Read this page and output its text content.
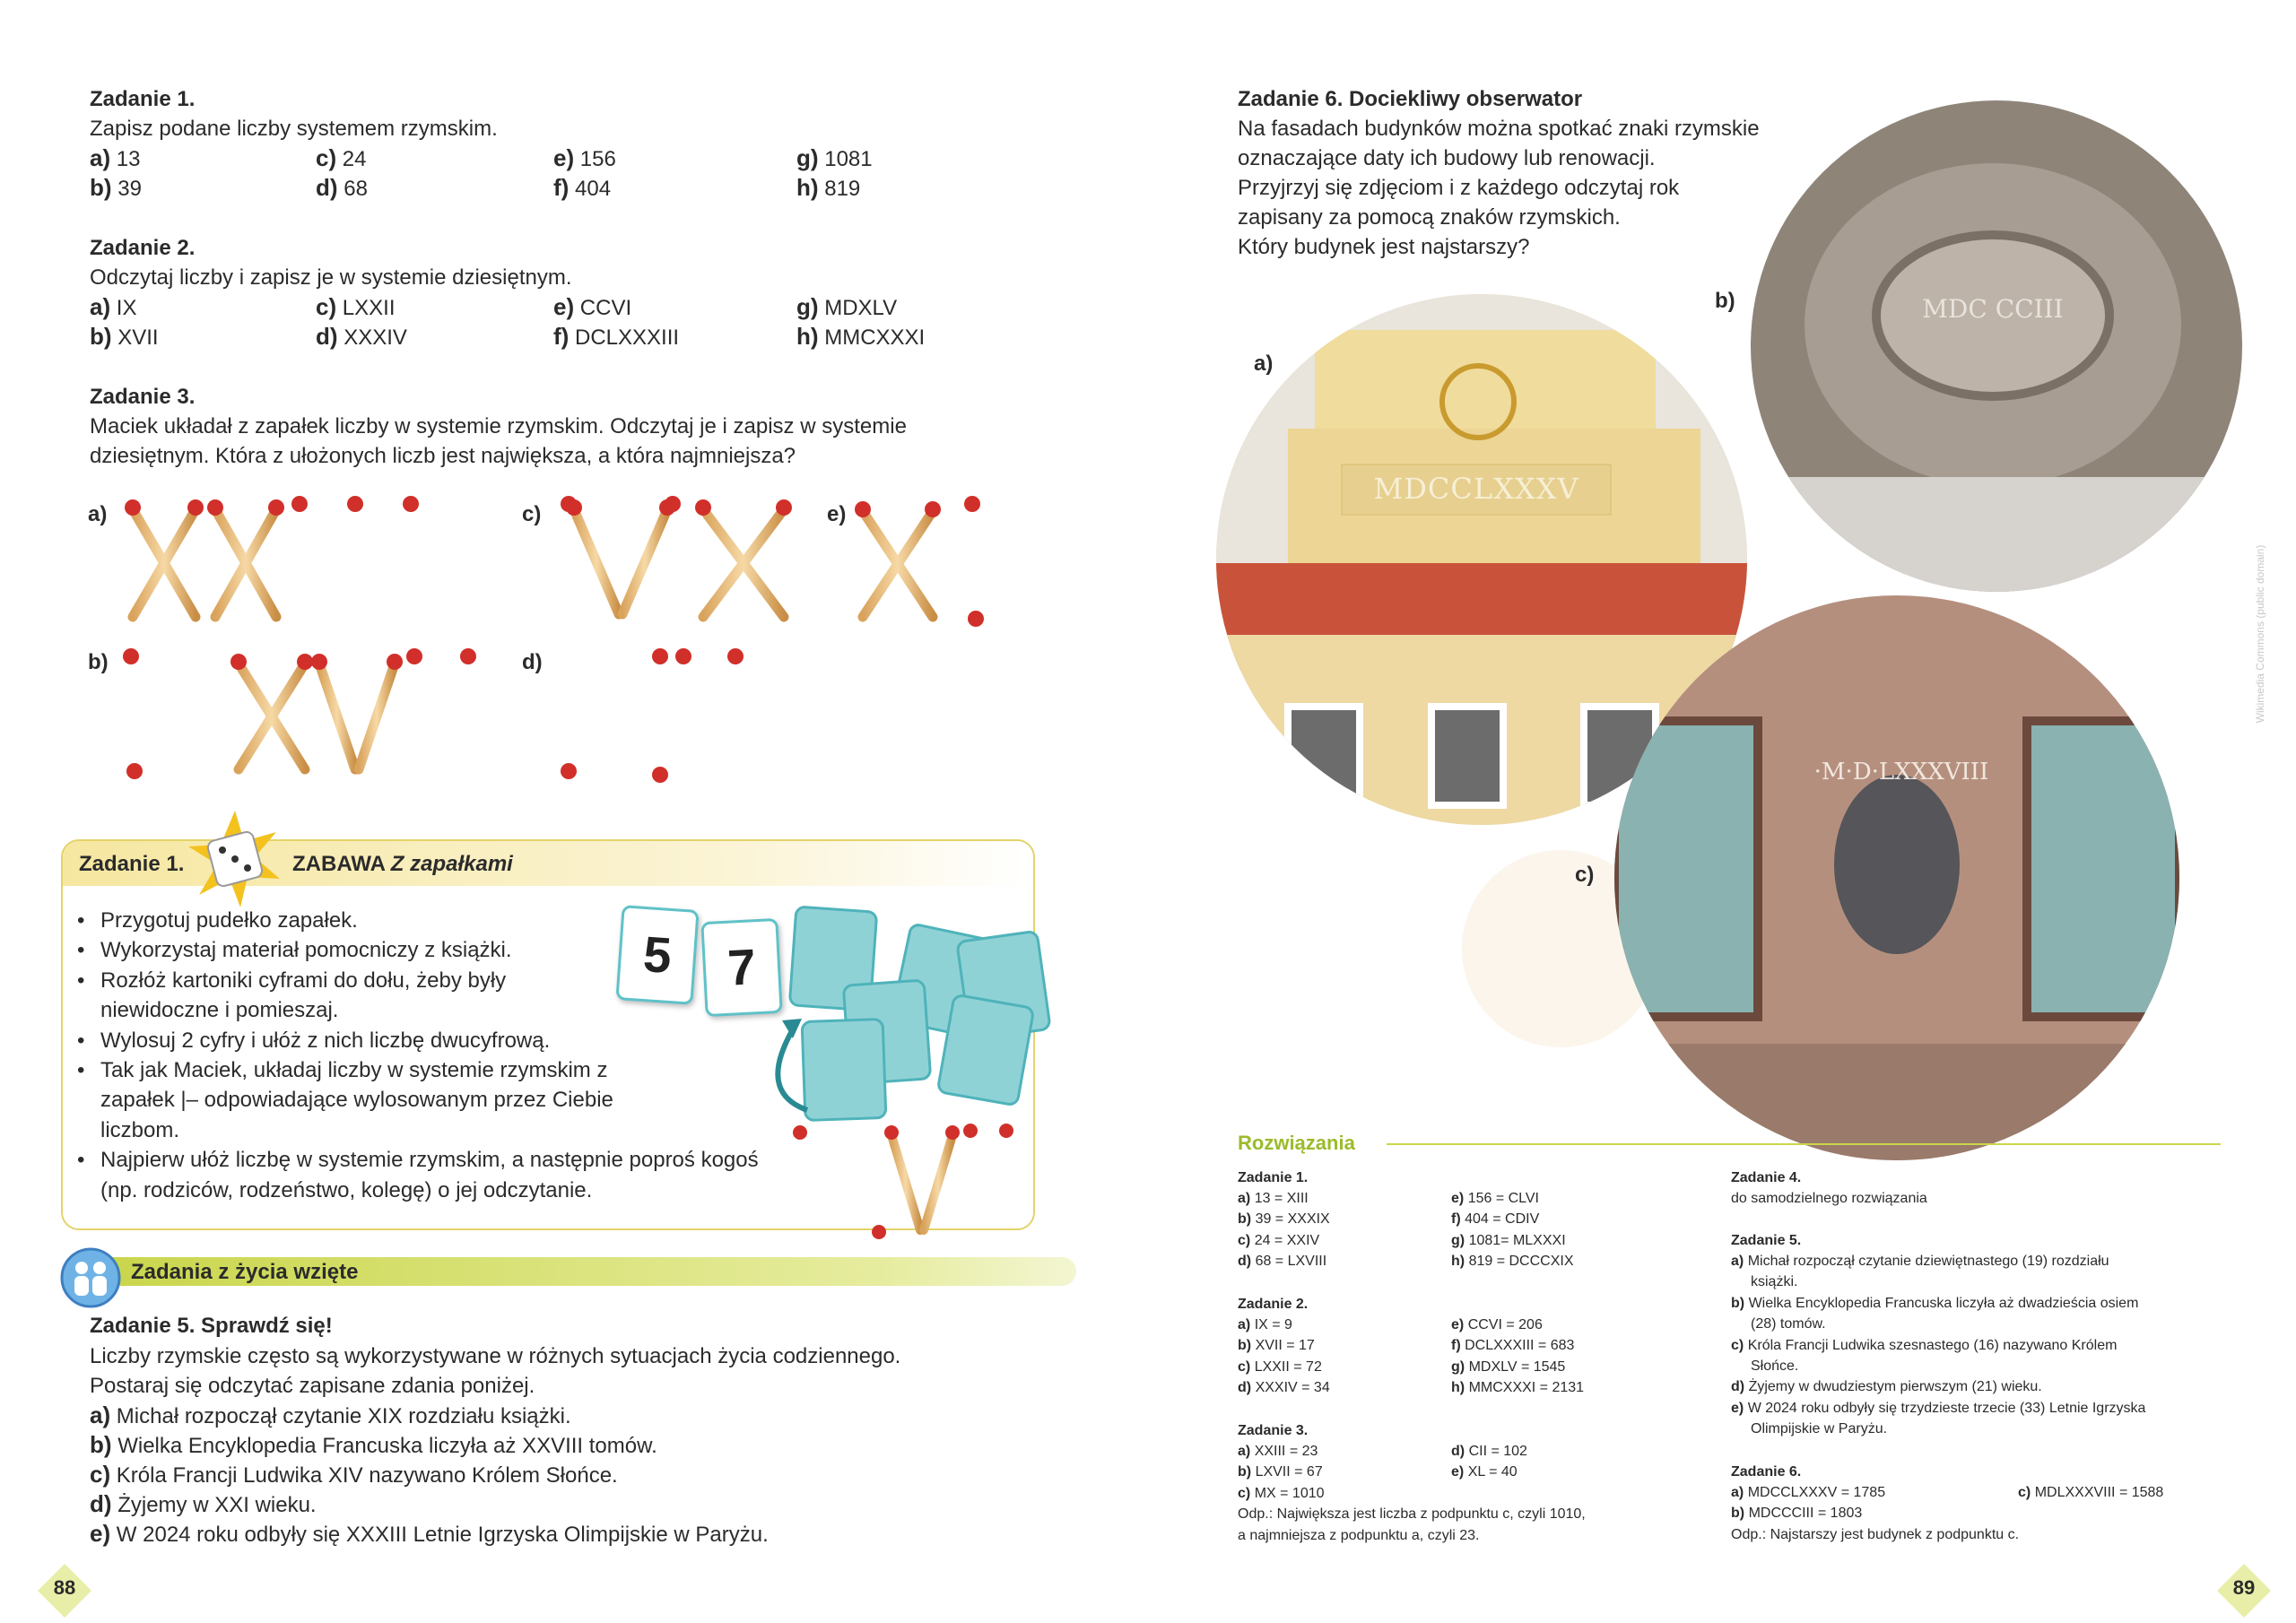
Zadanie 1.
Zapisz podane liczby systemem rzymskim.
a) 13	c) 24	e) 156	g) 1081
b) 39	d) 68	f) 404	h) 819
Zadanie 2.
Odczytaj liczby i zapisz je w systemie dziesiętnym.
a) IX	c) LXXII	e) CCVI	g) MDXLV
b) XVII	d) XXXIV	f) DCLXXXIII	h) MMCXXXI
Zadanie 3.
Maciek układał z zapałek liczby w systemie rzymskim. Odczytaj je i zapisz w systemie
dziesiętnym. Która z ułożonych liczb jest największa, a która najmniejsza?
a)
b)
c)
d)
e)
Zadanie 1.	ZABAWA Z zapałkami
• Przygotuj pudełko zapałek.
• Wykorzystaj materiał pomocniczy z książki.
• Rozłóż kartoniki cyframi do dołu, żeby były niewidoczne i pomieszaj.
• Wylosuj 2 cyfry i ułóż z nich liczbę dwucyfrową.
• Tak jak Maciek, układaj liczby w systemie rzymskim z zapałek |– odpowiadające wylosowanym przez Ciebie liczbom.
• Najpierw ułóż liczbę w systemie rzymskim, a następnie poproś kogoś (np. rodziców, rodzeństwo, kolegę) o jej odczytanie.
5	7
Zadania z życia wzięte
Zadanie 5. Sprawdź się!
Liczby rzymskie często są wykorzystywane w różnych sytuacjach życia codziennego.
Postaraj się odczytać zapisane zdania poniżej.
a) Michał rozpoczął czytanie XIX rozdziału książki.
b) Wielka Encyklopedia Francuska liczyła aż XXVIII tomów.
c) Króla Francji Ludwika XIV nazywano Królem Słońce.
d) Żyjemy w XXI wieku.
e) W 2024 roku odbyły się XXXIII Letnie Igrzyska Olimpijskie w Paryżu.
88
Zadanie 6. Dociekliwy obserwator
Na fasadach budynków można spotkać znaki rzymskie
oznaczające daty ich budowy lub renowacji.
Przyjrzyj się zdjęciom i z każdego odczytaj rok
zapisany za pomocą znaków rzymskich.
Który budynek jest najstarszy?
MDCCLXXXV
MDC CCIII
·M·D·LXXXVIII
a)
b)
c)
Wikimedia Commons (public domain)
Rozwiązania
Zadanie 1.
a) 13 = XIII
b) 39 = XXXIX
c) 24 = XXIV
d) 68 = LXVIII
e) 156 = CLVI
f) 404 = CDIV
g) 1081= MLXXXI
h) 819 = DCCCXIX
Zadanie 2.
a) IX = 9
b) XVII = 17
c) LXXII = 72
d) XXXIV = 34
e) CCVI = 206
f) DCLXXXIII = 683
g) MDXLV = 1545
h) MMCXXXI = 2131
Zadanie 3.
a) XXIII = 23
b) LXVII = 67
c) MX = 1010
Odp.: Największa jest liczba z podpunktu c, czyli 1010,
a najmniejsza z podpunktu a, czyli 23.
d) CII = 102
e) XL = 40
Zadanie 4.
do samodzielnego rozwiązania
Zadanie 5.
a) Michał rozpoczął czytanie dziewiętnastego (19) rozdziału
książki.
b) Wielka Encyklopedia Francuska liczyła aż dwadzieścia osiem
(28) tomów.
c) Króla Francji Ludwika szesnastego (16) nazywano Królem
Słońce.
d) Żyjemy w dwudziestym pierwszym (21) wieku.
e) W 2024 roku odbyły się trzydzieste trzecie (33) Letnie Igrzyska
Olimpijskie w Paryżu.
Zadanie 6.
a) MDCCLXXXV = 1785
b) MDCCCIII = 1803
Odp.: Najstarszy jest budynek z podpunktu c.
c) MDLXXXVIII = 1588
89
